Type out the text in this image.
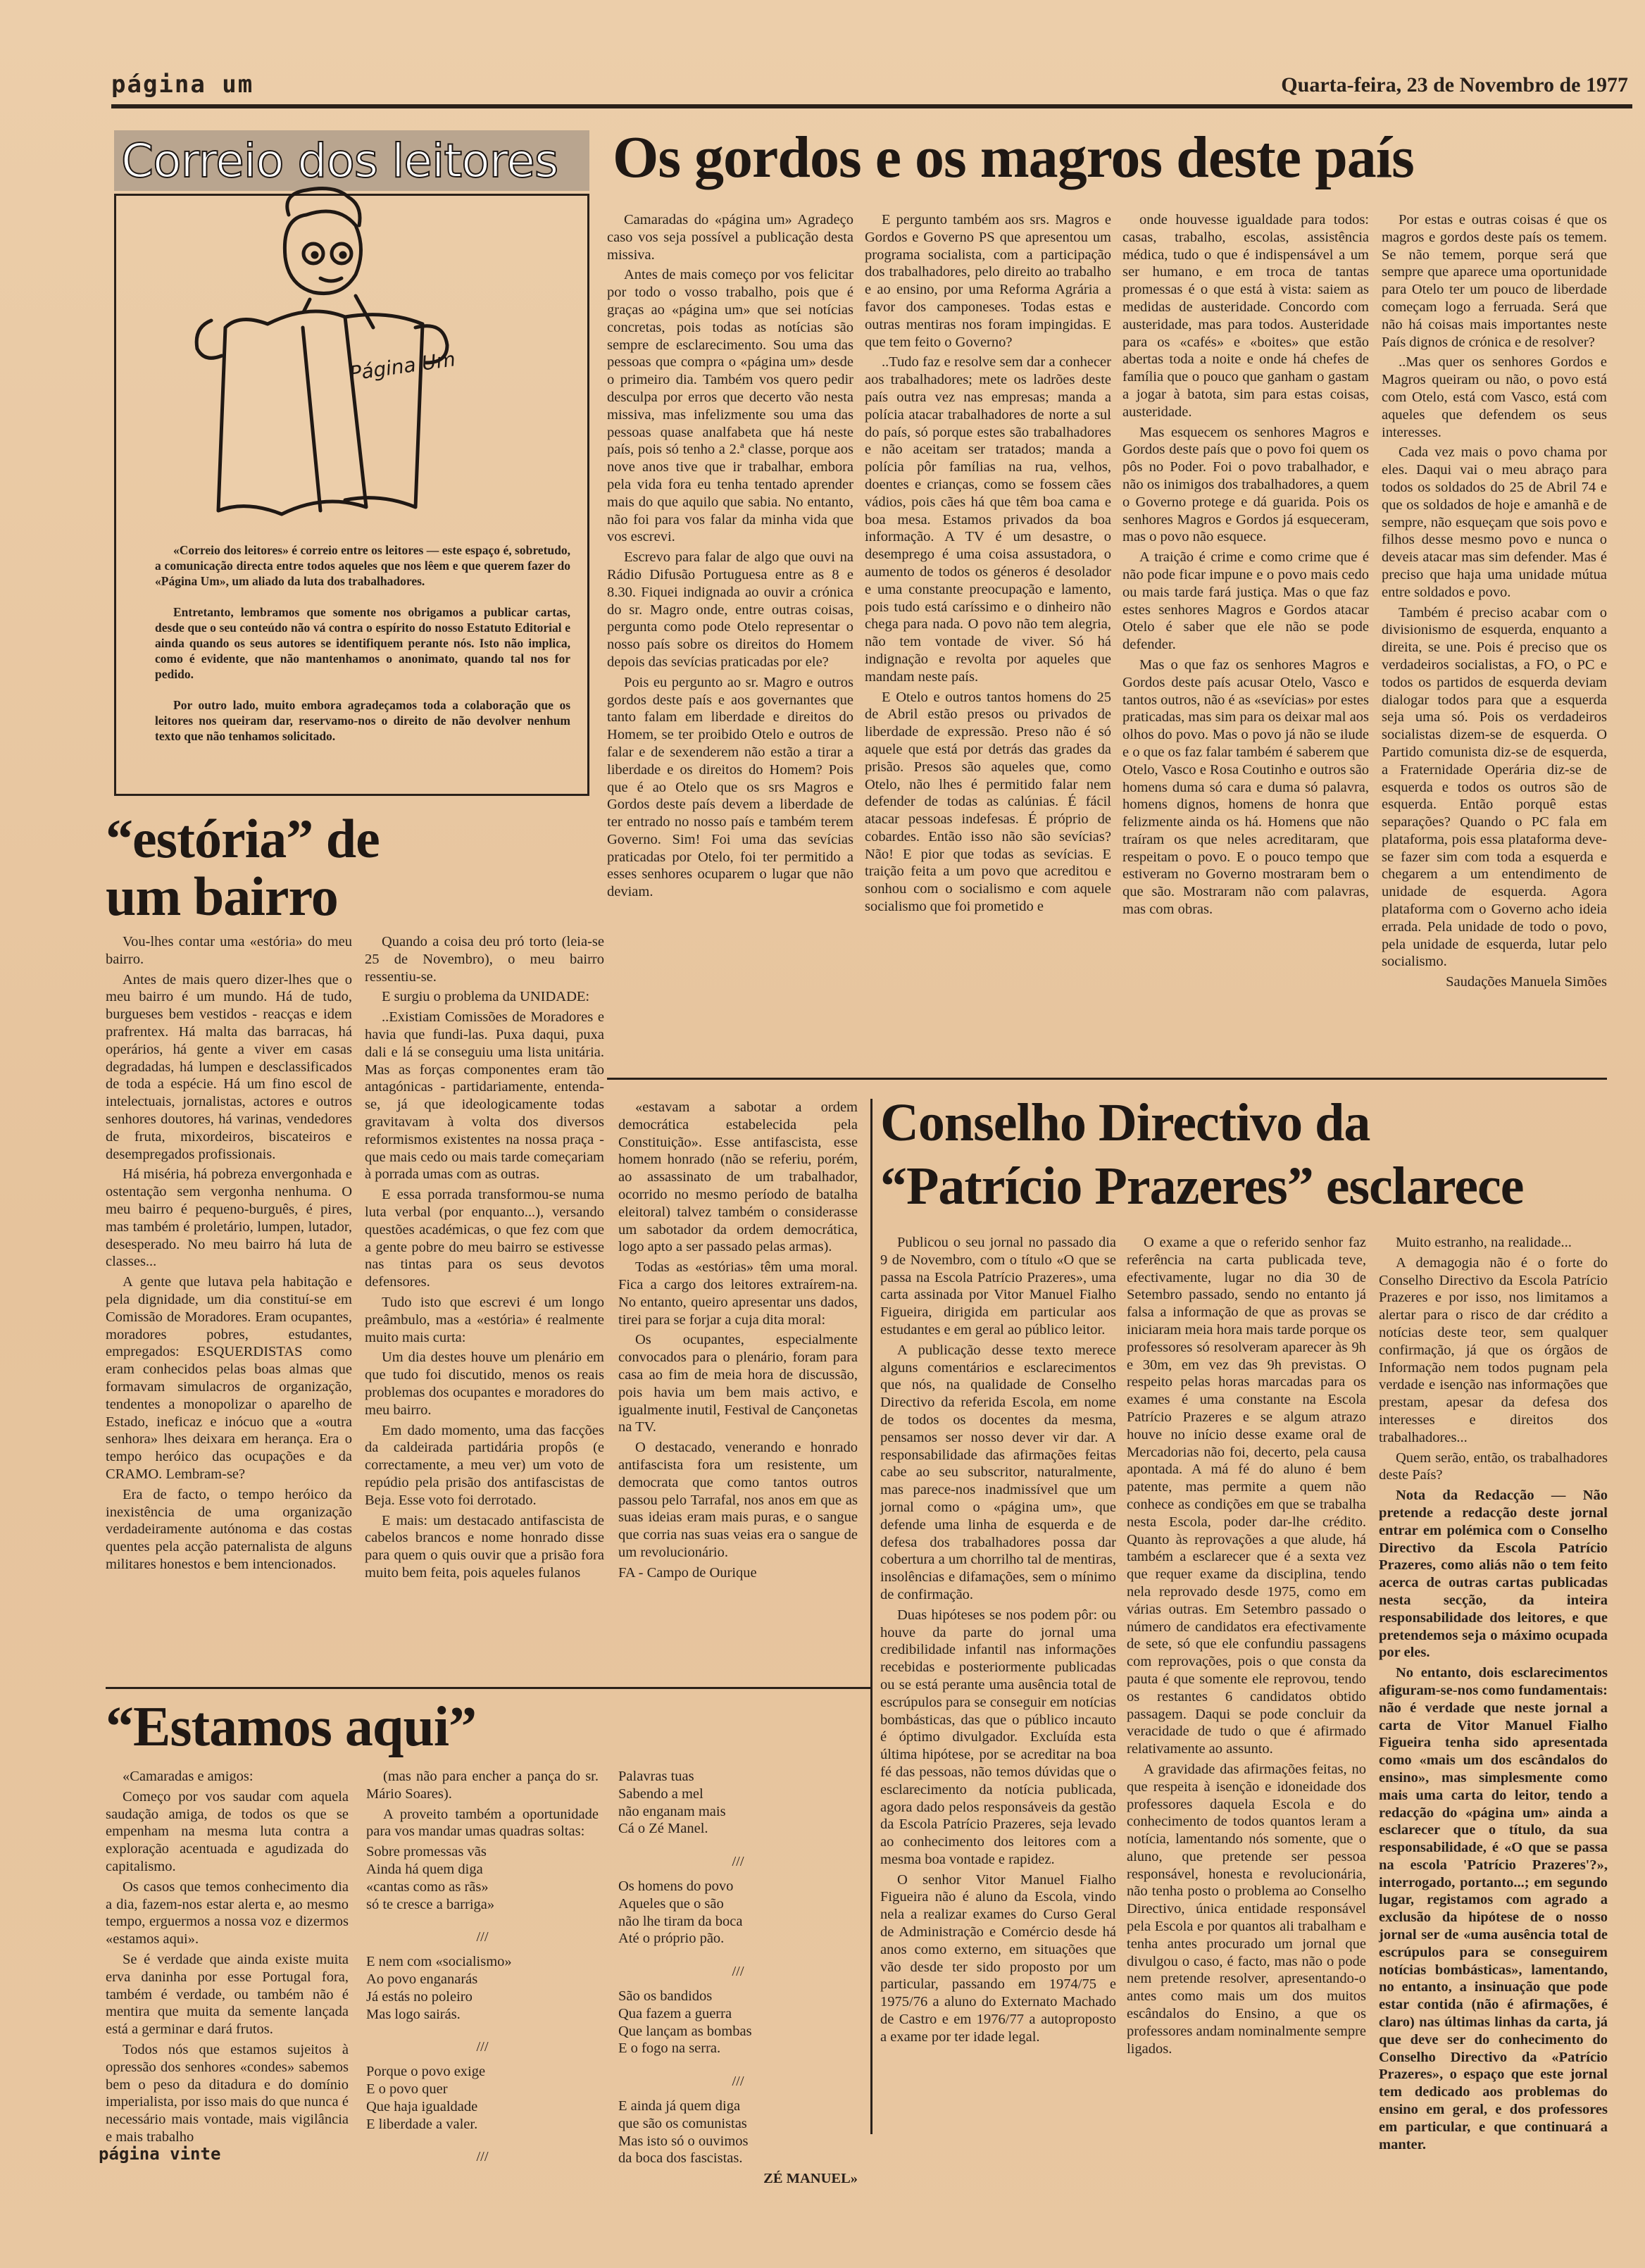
página um	Quarta-feira, 23 de Novembro de 1977
Correio dos leitores
Página Um

«Correio dos leitores» é correio entre os leitores — este espaço é, sobretudo, a comunicação directa entre todos aqueles que nos lêem e que querem fazer do «Página Um», um aliado da luta dos trabalhadores.

Entretanto, lembramos que somente nos obrigamos a publicar cartas, desde que o seu conteúdo não vá contra o espírito do nosso Estatuto Editorial e ainda quando os seus autores se identifiquem perante nós. Isto não implica, como é evidente, que não mantenhamos o anonimato, quando tal nos for pedido.

Por outro lado, muito embora agradeçamos toda a colaboração que os leitores nos queiram dar, reservamo-nos o direito de não devolver nenhum texto que não tenhamos solicitado.

Os gordos e os magros deste país

Camaradas do «página um» Agradeço caso vos seja possível a publicação desta missiva.

Antes de mais começo por vos felicitar por todo o vosso trabalho, pois que é graças ao «página um» que sei notícias concretas, pois todas as notícias são sempre de esclarecimento. Sou uma das pessoas que compra o «página um» desde o primeiro dia. Também vos quero pedir desculpa por erros que decerto vão nesta missiva, mas infelizmente sou uma das pessoas quase analfabeta que há neste país, pois só tenho a 2.ª classe, porque aos nove anos tive que ir trabalhar, embora pela vida fora eu tenha tentado aprender mais do que aquilo que sabia. No entanto, não foi para vos falar da minha vida que vos escrevi.

Escrevo para falar de algo que ouvi na Rádio Difusão Portuguesa entre as 8 e 8.30. Fiquei indignada ao ouvir a crónica do sr. Magro onde, entre outras coisas, pergunta como pode Otelo representar o nosso país sobre os direitos do Homem depois das sevícias praticadas por ele?

Pois eu pergunto ao sr. Magro e outros gordos deste país e aos governantes que tanto falam em liberdade e direitos do Homem, se ter proibido Otelo e outros de falar e de sexenderem não estão a tirar a liberdade e os direitos do Homem? Pois que é ao Otelo que os srs Magros e Gordos deste país devem a liberdade de ter entrado no nosso país e também terem Governo. Sim! Foi uma das sevícias praticadas por Otelo, foi ter permitido a esses senhores ocuparem o lugar que não deviam.

E pergunto também aos srs. Magros e Gordos e Governo PS que apresentou um programa socialista, com a participação dos trabalhadores, pelo direito ao trabalho e ao ensino, por uma Reforma Agrária a favor dos camponeses. Todas estas e outras mentiras nos foram impingidas. E que tem feito o Governo?

..Tudo faz e resolve sem dar a conhecer aos trabalhadores; mete os ladrões deste país outra vez nas empresas; manda a polícia atacar trabalhadores de norte a sul do país, só porque estes são trabalhadores e não aceitam ser tratados; manda a polícia pôr famílias na rua, velhos, doentes e crianças, como se fossem cães vádios, pois cães há que têm boa cama e boa mesa. Estamos privados da boa informação. A TV é um desastre, o desemprego é uma coisa assustadora, o aumento de todos os géneros é desolador e uma constante preocupação e lamento, pois tudo está caríssimo e o dinheiro não chega para nada. O povo não tem alegria, não tem vontade de viver. Só há indignação e revolta por aqueles que mandam neste país.

E Otelo e outros tantos homens do 25 de Abril estão presos ou privados de liberdade de expressão. Preso não é só aquele que está por detrás das grades da prisão. Presos são aqueles que, como Otelo, não lhes é permitido falar nem defender de todas as calúnias. É fácil atacar pessoas indefesas. É próprio de cobardes. Então isso não são sevícias? Não! E pior que todas as sevícias. E traição feita a um povo que acreditou e sonhou com o socialismo e com aquele socialismo que foi prometido e

onde houvesse igualdade para todos: casas, trabalho, escolas, assistência médica, tudo o que é indispensável a um ser humano, e em troca de tantas promessas é o que está à vista: saiem as medidas de austeridade. Concordo com austeridade, mas para todos. Austeridade para os «cafés» e «boites» que estão abertas toda a noite e onde há chefes de família que o pouco que ganham o gastam a jogar à batota, sim para estas coisas, austeridade.

Mas esquecem os senhores Magros e Gordos deste país que o povo foi quem os pôs no Poder. Foi o povo trabalhador, e não os inimigos dos trabalhadores, a quem o Governo protege e dá guarida. Pois os senhores Magros e Gordos já esqueceram, mas o povo não esquece.

A traição é crime e como crime que é não pode ficar impune e o povo mais cedo ou mais tarde fará justiça. Mas o que faz estes senhores Magros e Gordos atacar Otelo é saber que ele não se pode defender.

Mas o que faz os senhores Magros e Gordos deste país acusar Otelo, Vasco e tantos outros, não é as «sevícias» por estes praticadas, mas sim para os deixar mal aos olhos do povo. Mas o povo já não se ilude e o que os faz falar também é saberem que Otelo, Vasco e Rosa Coutinho e outros são homens duma só cara e duma só palavra, homens dignos, homens de honra que felizmente ainda os há. Homens que não traíram os que neles acreditaram, que respeitam o povo. E o pouco tempo que estiveram no Governo mostraram bem o que são. Mostraram não com palavras, mas com obras.

Por estas e outras coisas é que os magros e gordos deste país os temem. Se não temem, porque será que sempre que aparece uma oportunidade para Otelo ter um pouco de liberdade começam logo a ferruada. Será que não há coisas mais importantes neste País dignos de crónica e de resolver?

..Mas quer os senhores Gordos e Magros queiram ou não, o povo está com Otelo, está com Vasco, está com aqueles que defendem os seus interesses.

Cada vez mais o povo chama por eles. Daqui vai o meu abraço para todos os soldados do 25 de Abril 74 e que os soldados de hoje e amanhã e de sempre, não esqueçam que sois povo e filhos desse mesmo povo e nunca o deveis atacar mas sim defender. Mas é preciso que haja uma unidade mútua entre soldados e povo.

Também é preciso acabar com o divisionismo de esquerda, enquanto a direita, se une. Pois é preciso que os verdadeiros socialistas, a FO, o PC e todos os partidos de esquerda deviam dialogar todos para que a esquerda seja uma só. Pois os verdadeiros socialistas dizem-se de esquerda. O Partido comunista diz-se de esquerda, a Fraternidade Operária diz-se de esquerda e todos os outros são de esquerda. Então porquê estas separações? Quando o PC fala em plataforma, pois essa plataforma deve-se fazer sim com toda a esquerda e chegarem a um entendimento de unidade de esquerda. Agora plataforma com o Governo acho ideia errada. Pela unidade de todo o povo, pela unidade de esquerda, lutar pelo socialismo.

Saudações Manuela Simões

“estória” de um bairro

Vou-lhes contar uma «estória» do meu bairro.

Antes de mais quero dizer-lhes que o meu bairro é um mundo. Há de tudo, burgueses bem vestidos - reacças e idem prafrentex. Há malta das barracas, há operários, há gente a viver em casas degradadas, há lumpen e desclassificados de toda a espécie. Há um fino escol de intelectuais, jornalistas, actores e outros senhores doutores, há varinas, vendedores de fruta, mixordeiros, biscateiros e desempregados profissionais.

Há miséria, há pobreza envergonhada e ostentação sem vergonha nenhuma. O meu bairro é pequeno-burguês, é pires, mas também é proletário, lumpen, lutador, desesperado. No meu bairro há luta de classes...

A gente que lutava pela habitação e pela dignidade, um dia constituí-se em Comissão de Moradores. Eram ocupantes, moradores pobres, estudantes, empregados: ESQUERDISTAS como eram conhecidos pelas boas almas que formavam simulacros de organização, tendentes a monopolizar o aparelho de Estado, ineficaz e inócuo que a «outra senhora» lhes deixara em herança. Era o tempo heróico das ocupações e da CRAMO. Lembram-se?

Era de facto, o tempo heróico da inexistência de uma organização verdadeiramente autónoma e das costas quentes pela acção paternalista de alguns militares honestos e bem intencionados.

Quando a coisa deu pró torto (leia-se 25 de Novembro), o meu bairro ressentiu-se.

E surgiu o problema da UNIDADE:

..Existiam Comissões de Moradores e havia que fundi-las. Puxa daqui, puxa dali e lá se conseguiu uma lista unitária. Mas as forças componentes eram tão antagónicas - partidariamente, entenda-se, já que ideologicamente todas gravitavam à volta dos diversos reformismos existentes na nossa praça - que mais cedo ou mais tarde começariam à porrada umas com as outras.

E essa porrada transformou-se numa luta verbal (por enquanto...), versando questões académicas, o que fez com que a gente pobre do meu bairro se estivesse nas tintas para os seus devotos defensores.

Tudo isto que escrevi é um longo preâmbulo, mas a «estória» é realmente muito mais curta:

Um dia destes houve um plenário em que tudo foi discutido, menos os reais problemas dos ocupantes e moradores do meu bairro.

Em dado momento, uma das facções da caldeirada partidária propôs (e correctamente, a meu ver) um voto de repúdio pela prisão dos antifascistas de Beja. Esse voto foi derrotado.

E mais: um destacado antifascista de cabelos brancos e nome honrado disse para quem o quis ouvir que a prisão fora muito bem feita, pois aqueles fulanos

«estavam a sabotar a ordem democrática estabelecida pela Constituição». Esse antifascista, esse homem honrado (não se referiu, porém, ao assassinato de um trabalhador, ocorrido no mesmo período de batalha eleitoral) talvez também o considerasse um sabotador da ordem democrática, logo apto a ser passado pelas armas).

Todas as «estórias» têm uma moral. Fica a cargo dos leitores extraírem-na. No entanto, queiro apresentar uns dados, tirei para se forjar a cuja dita moral:

Os ocupantes, especialmente convocados para o plenário, foram para casa ao fim de meia hora de discussão, pois havia um bem mais activo, e igualmente inutil, Festival de Cançonetas na TV.

O destacado, venerando e honrado antifascista fora um resistente, um democrata que como tantos outros passou pelo Tarrafal, nos anos em que as suas ideias eram mais puras, e o sangue que corria nas suas veias era o sangue de um revolucionário.

FA - Campo de Ourique

Conselho Directivo da
“Patrício Prazeres” esclarece

Publicou o seu jornal no passado dia 9 de Novembro, com o título «O que se passa na Escola Patrício Prazeres», uma carta assinada por Vitor Manuel Fialho Figueira, dirigida em particular aos estudantes e em geral ao público leitor.

A publicação desse texto merece alguns comentários e esclarecimentos que nós, na qualidade de Conselho Directivo da referida Escola, em nome de todos os docentes da mesma, pensamos ser nosso dever vir dar. A responsabilidade das afirmações feitas cabe ao seu subscritor, naturalmente, mas parece-nos inadmissível que um jornal como o «página um», que defende uma linha de esquerda e de defesa dos trabalhadores possa dar cobertura a um chorrilho tal de mentiras, insolências e difamações, sem o mínimo de confirmação.

Duas hipóteses se nos podem pôr: ou houve da parte do jornal uma credibilidade infantil nas informações recebidas e posteriormente publicadas ou se está perante uma ausência total de escrúpulos para se conseguir em notícias bombásticas, das que o público incauto é óptimo divulgador. Excluída esta última hipótese, por se acreditar na boa fé das pessoas, não temos dúvidas que o esclarecimento da notícia publicada, agora dado pelos responsáveis da gestão da Escola Patrício Prazeres, seja levado ao conhecimento dos leitores com a mesma boa vontade e rapidez.

O senhor Vitor Manuel Fialho Figueira não é aluno da Escola, vindo nela a realizar exames do Curso Geral de Administração e Comércio desde há anos como externo, em situações que vão desde ter sido proposto por um particular, passando em 1974/75 e 1975/76 a aluno do Externato Machado de Castro e em 1976/77 a autoproposto a exame por ter idade legal.

O exame a que o referido senhor faz referência na carta publicada teve, efectivamente, lugar no dia 30 de Setembro passado, sendo no entanto já falsa a informação de que as provas se iniciaram meia hora mais tarde porque os professores só resolveram aparecer às 9h e 30m, em vez das 9h previstas. O respeito pelas horas marcadas para os exames é uma constante na Escola Patrício Prazeres e se algum atrazo houve no início desse exame oral de Mercadorias não foi, decerto, pela causa apontada. A má fé do aluno é bem patente, mas permite a quem não conhece as condições em que se trabalha nesta Escola, poder dar-lhe crédito. Quanto às reprovações a que alude, há também a esclarecer que é a sexta vez que requer exame da disciplina, tendo nela reprovado desde 1975, como em várias outras. Em Setembro passado o número de candidatos era efectivamente de sete, só que ele confundiu passagens com reprovações, pois o que consta da pauta é que somente ele reprovou, tendo os restantes 6 candidatos obtido passagem. Daqui se pode concluir da veracidade de tudo o que é afirmado relativamente ao assunto.

A gravidade das afirmações feitas, no que respeita à isenção e idoneidade dos professores daquela Escola e do conhecimento de todos quantos leram a notícia, lamentando nós somente, que o aluno, que pretende ser pessoa responsável, honesta e revolucionária, não tenha posto o problema ao Conselho Directivo, única entidade responsável pela Escola e por quantos ali trabalham e tenha antes procurado um jornal que divulgou o caso, é facto, mas não o pode nem pretende resolver, apresentando-o antes como mais um dos muitos escândalos do Ensino, a que os professores andam nominalmente sempre ligados.

Muito estranho, na realidade...

A demagogia não é o forte do Conselho Directivo da Escola Patrício Prazeres e por isso, nos limitamos a alertar para o risco de dar crédito a notícias deste teor, sem qualquer confirmação, já que os órgãos de Informação nem todos pugnam pela verdade e isenção nas informações que prestam, apesar da defesa dos interesses e direitos dos trabalhadores...

Quem serão, então, os trabalhadores deste País?

Nota da Redacção — Não pretende a redacção deste jornal entrar em polémica com o Conselho Directivo da Escola Patrício Prazeres, como aliás não o tem feito acerca de outras cartas publicadas nesta secção, da inteira responsabilidade dos leitores, e que pretendemos seja o máximo ocupada por eles.

No entanto, dois esclarecimentos afiguram-se-nos como fundamentais: não é verdade que neste jornal a carta de Vitor Manuel Fialho Figueira tenha sido apresentada como «mais um dos escândalos do ensino», mas simplesmente como mais uma carta do leitor, tendo a redacção do «página um» ainda a esclarecer que o título, da sua responsabilidade, é «O que se passa na escola 'Patrício Prazeres'?», interrogado, portanto...; em segundo lugar, registamos com agrado a exclusão da hipótese de o nosso jornal ser de «uma ausência total de escrúpulos para se conseguirem notícias bombásticas», lamentando, no entanto, a insinuação que pode estar contida (não é afirmações, é claro) nas últimas linhas da carta, já que deve ser do conhecimento do Conselho Directivo da «Patrício Prazeres», o espaço que este jornal tem dedicado aos problemas do ensino em geral, e dos professores em particular, e que continuará a manter.

“Estamos aqui”

«Camaradas e amigos:

Começo por vos saudar com aquela saudação amiga, de todos os que se empenham na mesma luta contra a exploração acentuada e agudizada do capitalismo.

Os casos que temos conhecimento dia a dia, fazem-nos estar alerta e, ao mesmo tempo, erguermos a nossa voz e dizermos «estamos aqui».

Se é verdade que ainda existe muita erva daninha por esse Portugal fora, também é verdade, ou também não é mentira que muita da semente lançada está a germinar e dará frutos.

Todos nós que estamos sujeitos à opressão dos senhores «condes» sabemos bem o peso da ditadura e do domínio imperialista, por isso mais do que nunca é necessário mais vontade, mais vigilância e mais trabalho

(mas não para encher a pança do sr. Mário Soares).

A proveito também a oportunidade para vos mandar umas quadras soltas:

Sobre promessas vãs
Ainda há quem diga
«cantas como as rãs»
só te cresce a barriga»
///
E nem com «socialismo»
Ao povo enganarás
Já estás no poleiro
Mas logo sairás.
///
Porque o povo exige
E o povo quer
Que haja igualdade
E liberdade a valer.
///
Palavras tuas
Sabendo a mel
não enganam mais
Cá o Zé Manel.
///
Os homens do povo
Aqueles que o são
não lhe tiram da boca
Até o próprio pão.
///
São os bandidos
Qua fazem a guerra
Que lançam as bombas
E o fogo na serra.
///
E ainda já quem diga
que são os comunistas
Mas isto só o ouvimos
da boca dos fascistas.

ZÉ MANUEL»

página vinte
